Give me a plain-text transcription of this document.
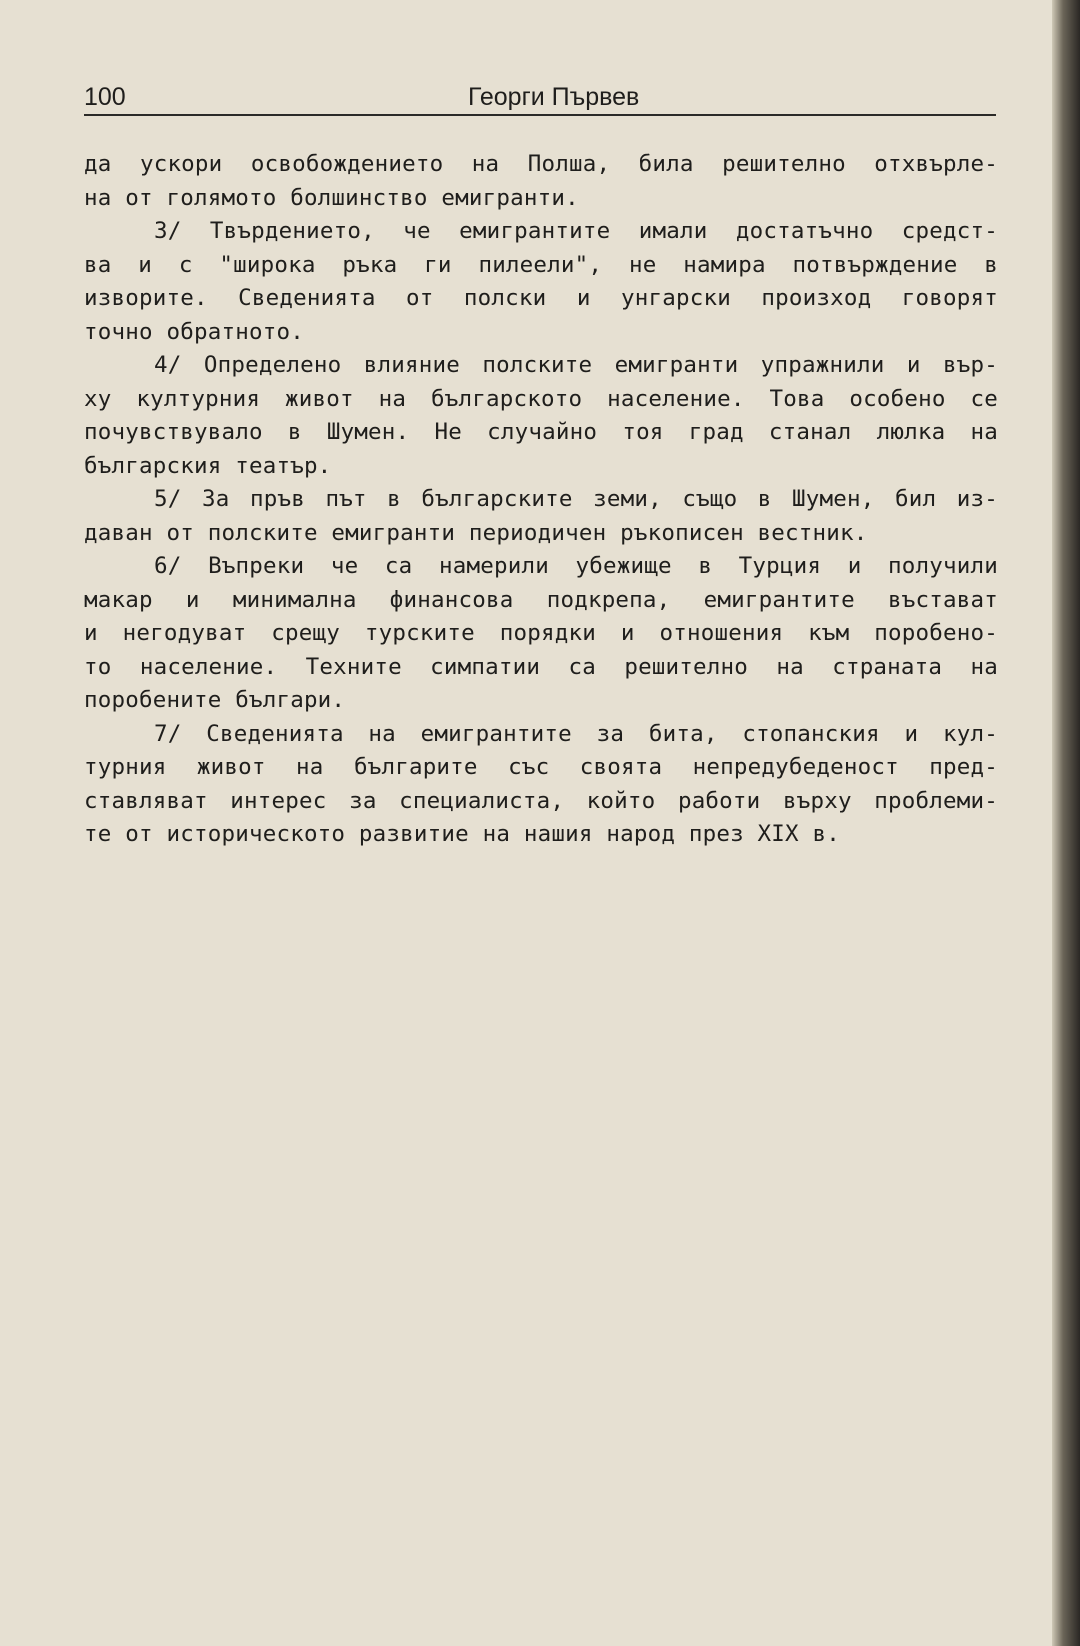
100	Георги Първев
да ускори освобождението на Полша, била решително отхвърле-
на от голямото болшинство емигранти.
3/ Твърдението, че емигрантите имали достатъчно средст-
ва и с "широка ръка ги пилеели", не намира потвърждение в
изворите. Сведенията от полски и унгарски произход говорят
точно обратното.
4/ Определено влияние полските емигранти упражнили и вър-
ху културния живот на българското население. Това особено се
почувствувало в Шумен. Не случайно тоя град станал люлка на
българския театър.
5/ За пръв път в българските земи, също в Шумен, бил из-
даван от полските емигранти периодичен ръкописен вестник.
6/ Въпреки че са намерили убежище в Турция и получили
макар и минимална финансова подкрепа, емигрантите въстават
и негодуват срещу турските порядки и отношения към поробено-
то население. Техните симпатии са решително на страната на
поробените българи.
7/ Сведенията на емигрантите за бита, стопанския и кул-
турния живот на българите със своята непредубеденост пред-
ставляват интерес за специалиста, който работи върху проблеми-
те от историческото развитие на нашия народ през XIX в.
